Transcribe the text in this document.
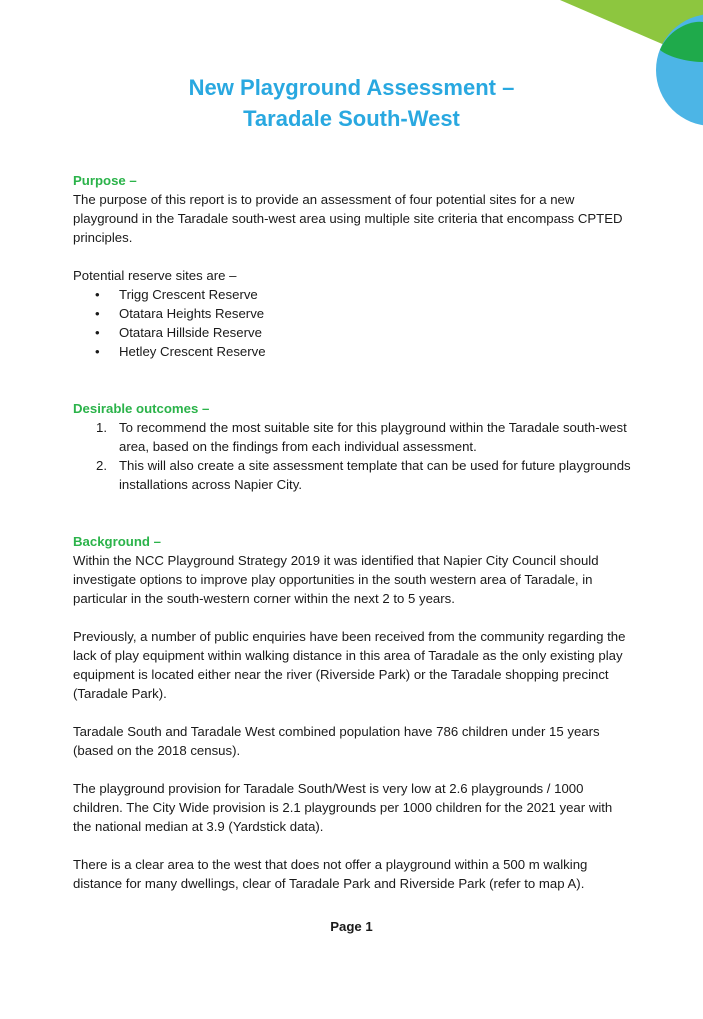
New Playground Assessment –
Taradale South-West
Purpose –

The purpose of this report is to provide an assessment of four potential sites for a new playground in the Taradale south-west area using multiple site criteria that encompass CPTED principles.

Potential reserve sites are –

• Trigg Crescent Reserve
• Otatara Heights Reserve
• Otatara Hillside Reserve
• Hetley Crescent Reserve
Desirable outcomes –
1. To recommend the most suitable site for this playground within the Taradale south-west area, based on the findings from each individual assessment.
2. This will also create a site assessment template that can be used for future playgrounds installations across Napier City.
Background –

Within the NCC Playground Strategy 2019 it was identified that Napier City Council should investigate options to improve play opportunities in the south western area of Taradale, in particular in the south-western corner within the next 2 to 5 years.

Previously, a number of public enquiries have been received from the community regarding the lack of play equipment within walking distance in this area of Taradale as the only existing play equipment is located either near the river (Riverside Park) or the Taradale shopping precinct (Taradale Park).

Taradale South and Taradale West combined population have 786 children under 15 years (based on the 2018 census).

The playground provision for Taradale South/West is very low at 2.6 playgrounds / 1000 children. The City Wide provision is 2.1 playgrounds per 1000 children for the 2021 year with the national median at 3.9 (Yardstick data).

There is a clear area to the west that does not offer a playground within a 500 m walking distance for many dwellings, clear of Taradale Park and Riverside Park (refer to map A).

Page 1
